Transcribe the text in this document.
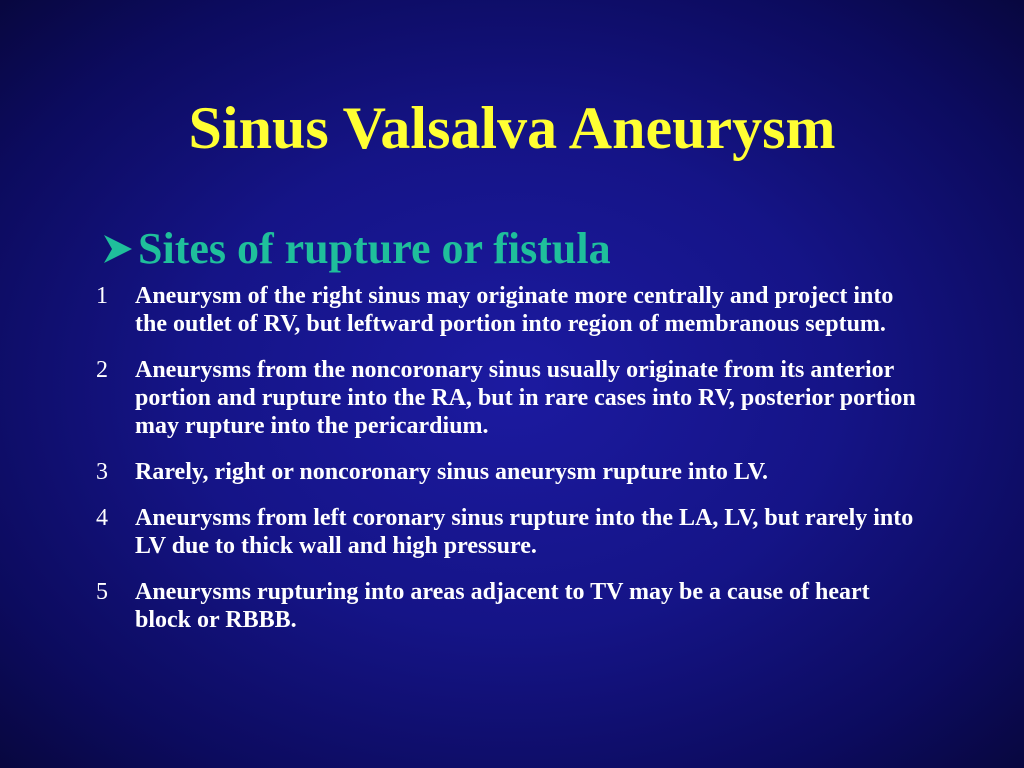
Sinus Valsalva Aneurysm
Sites of rupture or fistula
1	Aneurysm of the right sinus may originate more centrally and project into the outlet of RV, but leftward portion into region of membranous septum.
2	Aneurysms from the noncoronary sinus usually originate from its anterior portion and rupture into the RA, but in rare cases into RV, posterior portion may rupture into the pericardium.
3	Rarely, right or noncoronary sinus aneurysm rupture into LV.
4	Aneurysms from left coronary sinus rupture into the LA, LV, but rarely into LV due to thick wall and high pressure.
5	Aneurysms rupturing into areas adjacent to TV may be a cause of heart block or RBBB.
